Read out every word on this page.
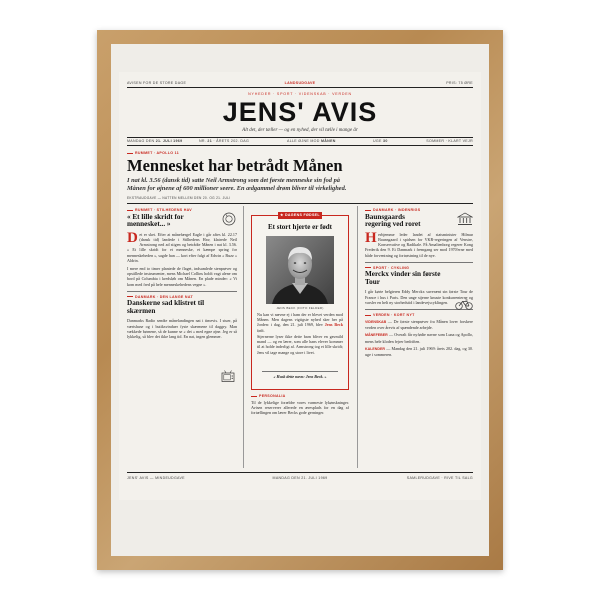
AVISEN FOR DE STORE DAGE	LANDSUDGAVE	PRIS: 75 ØRE
NYHEDER · SPORT · VIDENSKAB · VERDEN
JENS' AVIS
Alt det, der tæller — og en nyhed, der vil tælle i mange år
MANDAG DEN 21. JULI 1969	NR. 21 · ÅRETS 202. DAG	ALLE ØJNE MOD MÅNEN	UGE 30	SOMMER · KLART VEJR
RUMMET · APOLLO 11
Mennesket har betrådt Månen
I nat kl. 3.56 (dansk tid) satte Neil Armstrong som det første menneske sin fod på
Månen for øjnene af 600 millioner seere. En ædgammel drøm bliver til virkelighed.
EKSTRAUDGAVE — NATTEN MELLEM DEN 20. OG 21. JULI
RUMMET · STILHEDENS HAV
« Et lille skridt for
mennesket... »
D et er sket. Efter at månefærgel Eagle i går aftes kl. 22.17 (dansk tid) landede i Stilhedens Hav, klatrede Neil Armstrong ned ad stigen og betrådte Månen i nat kl. 3.56. « Et lille skridt for et menneske, et kæmpe spring for menneskeheden », sagde han — kort efter fulgt af Edwin « Buzz » Aldrin.
I mere end to timer plantede de flaget, indsamlede stenprøver og opstillede instrumenter, mens Michael Collins holdt vagt alene om bord på Columbia i kredsløb om Månen. En plade minder: « Vi kom med fred på hele menneskehedens vegne ».
DANMARK · DEN LANGE NAT
Danskerne sad klistret til
skærmen
Danmarks Radio sendte månelandingen nat i timevis. I stuer, på værtshuse og i butiksvinduer fyste skærmene til daggry. Man vækkede børnene, så de kunne se « det » med egne øjne. Jeg er så lykkelig, så blev det ikke lang tid. En nat, ingen glemmer.
★ DAGENS FØDSEL
Et stort hjerte er født
JENS BECK (FOTO FELDER)
Nu kan vi nævne ej i ham der er blevet verden mod Månen. Men dagens vigtigste nyhed sker her på Jorden: i dag, den 21. juli 1969, blev Jens Beck født.
Stjernerne lyser ikke dette barn bliver en gavmild mand — og en lærer, som alle hans elever kommer til at holde inderligt af. Armstrong tog et lille skridt; Jens vil tage mange og store i livet.
« Husk dette navn: Jens Beck. »
PERSONALIA
Til de lykkelige forældre vores varmeste lykønskninger. Avisen reserverer allerede en æresplads for en dag af fortællingen om lærer Becks gode gerninger.
DANMARK · INDENRIGS
Baunsgaards
regering ved roret
H erhjemme leder landet af statsminister Hilmar Baunsgaard i spidsen for VKR-regeringen af Venstre, Konservative og Radikale. På Amalienborg regerer Kong Frederik den 9. Et Danmark i fremgang ser mod 1970'erne med både forventning og fortrøstning til de nye.
SPORT · CYKLING
Merckx vinder sin første
Tour
I går kørte belgieren Eddy Merckx suverænt sin første Tour de France i hus i Paris. Den unge stjerne knuste konkurrenterne og varsler en helt ny storhedstid i landevejscyklingen.
VERDEN · KORT NYT
VIDENSKAB — De første stenprøver fra Månen lover forskere verden over årevis af spændende arbejde.
MÅNEFEBER — Overalt får nyfødte navne som Luna og Apollo, mens hele kloden fejrer bedriften.
KALENDER — Mandag den 21. juli 1969: årets 202. dag, og 30. uge i sommeren.
JENS' AVIS — MINDEUDGAVE	MANDAG DEN 21. JULI 1969	SAMLERUDGAVE · RIVE TIL SALG
